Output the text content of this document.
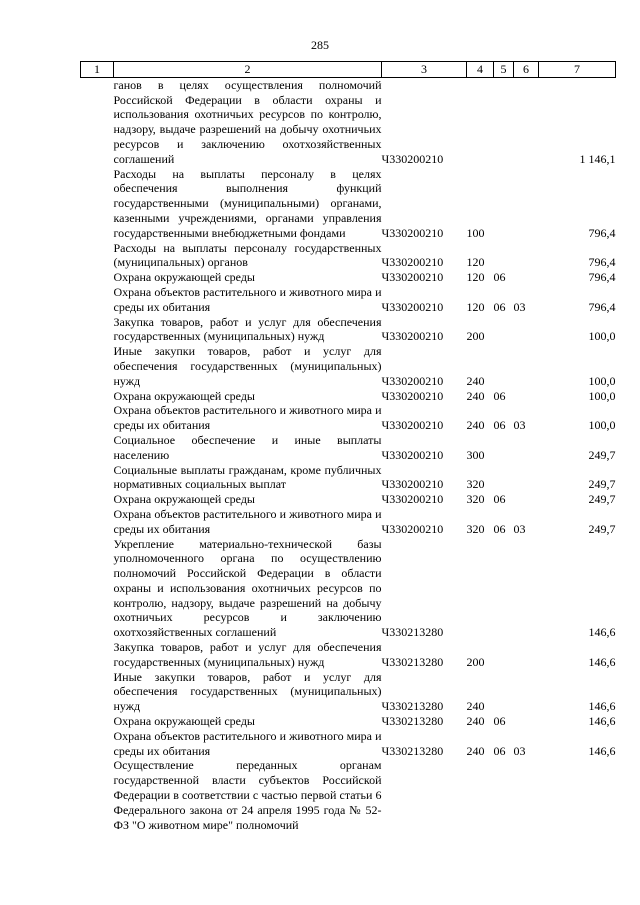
285
1	2	3	4	5	6	7
	ганов в целях осуществления полномочий Российской Федерации в области охраны и использования охотничьих ресурсов по контролю, надзору, выдаче разрешений на добычу охотничьих ресурсов и заключению охотхозяйственных соглашений	Ч330200210				1 146,1
	Расходы на выплаты персоналу в целях обеспечения выполнения функций государственными (муниципальными) органами, казенными учреждениями, органами управления государственными внебюджетными фондами	Ч330200210	100			796,4
	Расходы на выплаты персоналу государственных (муниципальных) органов	Ч330200210	120			796,4
	Охрана окружающей среды	Ч330200210	120	06		796,4
	Охрана объектов растительного и животного мира и среды их обитания	Ч330200210	120	06	03	796,4
	Закупка товаров, работ и услуг для обеспечения государственных (муниципальных) нужд	Ч330200210	200			100,0
	Иные закупки товаров, работ и услуг для обеспечения государственных (муниципальных) нужд	Ч330200210	240			100,0
	Охрана окружающей среды	Ч330200210	240	06		100,0
	Охрана объектов растительного и животного мира и среды их обитания	Ч330200210	240	06	03	100,0
	Социальное обеспечение и иные выплаты населению	Ч330200210	300			249,7
	Социальные выплаты гражданам, кроме публичных нормативных социальных выплат	Ч330200210	320			249,7
	Охрана окружающей среды	Ч330200210	320	06		249,7
	Охрана объектов растительного и животного мира и среды их обитания	Ч330200210	320	06	03	249,7
	Укрепление материально-технической базы уполномоченного органа по осуществлению полномочий Российской Федерации в области охраны и использования охотничьих ресурсов по контролю, надзору, выдаче разрешений на добычу охотничьих ресурсов и заключению охотхозяйственных соглашений	Ч330213280				146,6
	Закупка товаров, работ и услуг для обеспечения государственных (муниципальных) нужд	Ч330213280	200			146,6
	Иные закупки товаров, работ и услуг для обеспечения государственных (муниципальных) нужд	Ч330213280	240			146,6
	Охрана окружающей среды	Ч330213280	240	06		146,6
	Охрана объектов растительного и животного мира и среды их обитания	Ч330213280	240	06	03	146,6
	Осуществление переданных органам государственной власти субъектов Российской Федерации в соответствии с частью первой статьи 6 Федерального закона от 24 апреля 1995 года № 52-ФЗ "О животном мире" полномочий					
